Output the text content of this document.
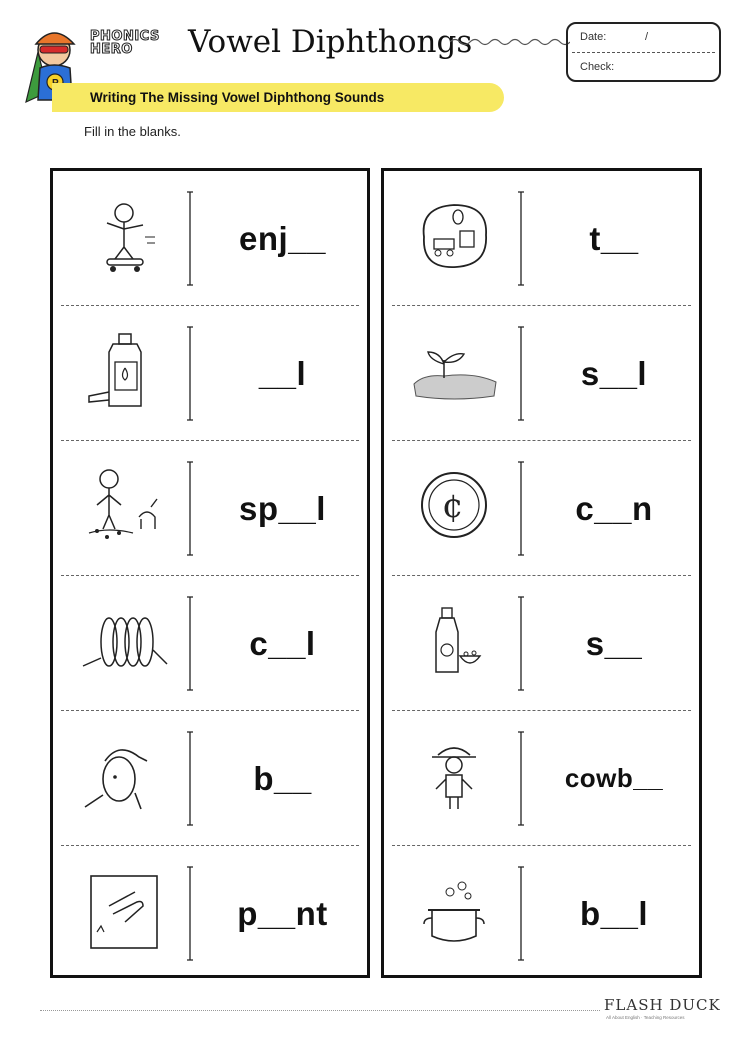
PHONICS
HERO	Vowel Diphthongs	Date:	/
Check:
Writing The Missing Vowel Diphthong Sounds
Fill in the blanks.
enj__
__l
sp__l
c__l
b__
p__nt
t__
s__l
¢	c__n
s__
cowb__
b__l
FLASH DUCK
All About English · Teaching Resources
